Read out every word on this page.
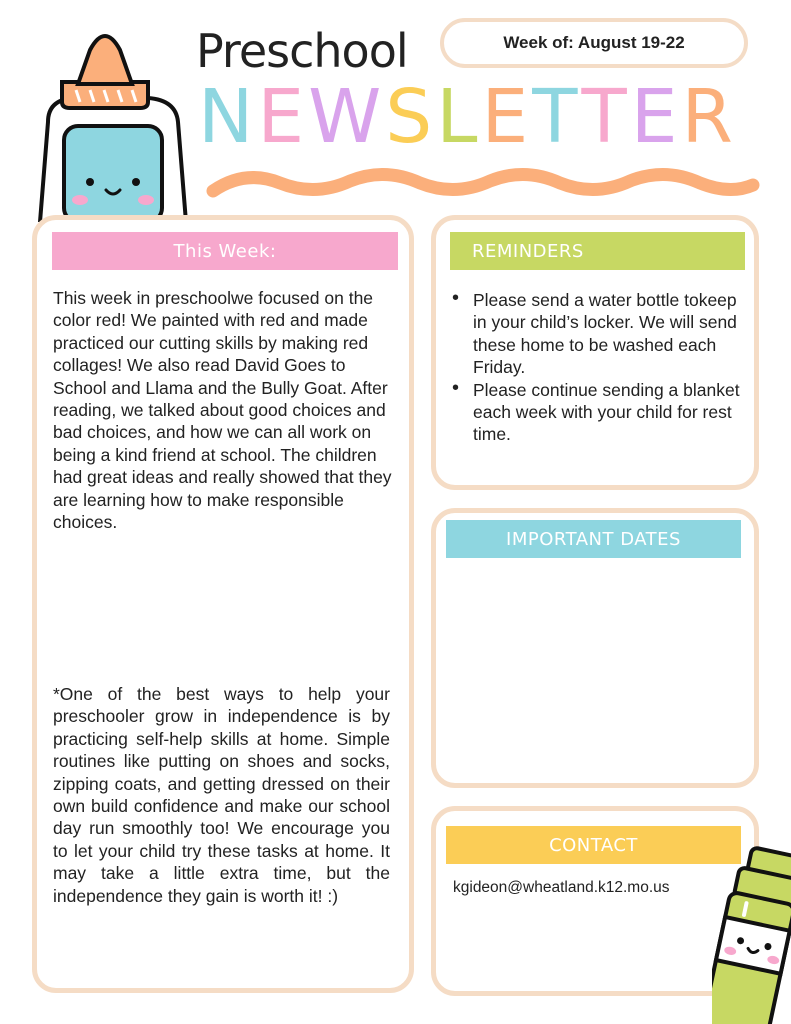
Preschool	Week of: August 19-22
N E W S L E T T E R
This Week:	REMINDERS
IMPORTANT DATES
CONTACT
This week in preschoolwe focused on the color red! We painted with red and made practiced our cutting skills by making red collages! We also read David Goes to School and Llama and the Bully Goat. After reading, we talked about good choices and bad choices, and how we can all work on being a kind friend at school. The children had great ideas and really showed that they are learning how to make responsible choices.
*One of the best ways to help your preschooler grow in independence is by practicing self-help skills at home. Simple routines like putting on shoes and socks, zipping coats, and getting dressed on their own build confidence and make our school day run smoothly too! We encourage you to let your child try these tasks at home. It may take a little extra time, but the independence they gain is worth it! :)
• Please send a water bottle tokeep in your child’s locker. We will send these home to be washed each Friday.
• Please continue sending a blanket each week with your child for rest time.
kgideon@wheatland.k12.mo.us
